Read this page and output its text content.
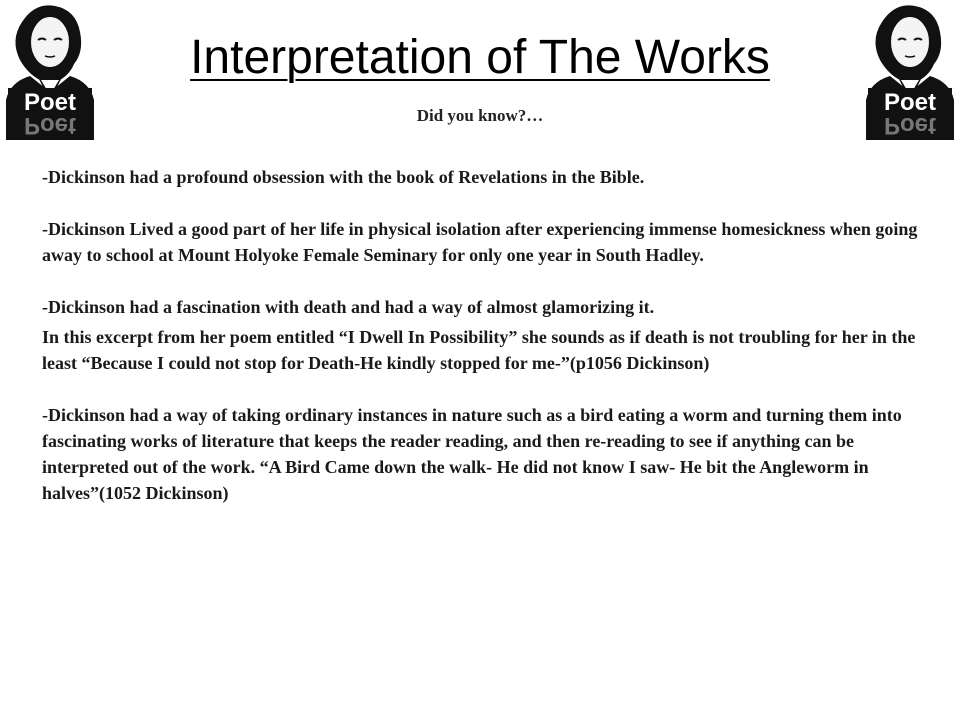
Poet
Poet
Poet
Poet
Interpretation of The Works
Did you know?…

-Dickinson had a profound obsession with the book of Revelations in the Bible.

-Dickinson Lived a good part of her life in physical isolation after experiencing immense homesickness when going away to school at Mount Holyoke Female Seminary for only one year in South Hadley.

-Dickinson had a fascination with death and had a way of almost glamorizing it.

In this excerpt from her poem entitled “I Dwell In Possibility” she sounds as if death is not troubling for her in the least “Because I could not stop for Death-He kindly stopped for me-”(p1056 Dickinson)

-Dickinson had a way of taking ordinary instances in nature such as a bird eating a worm and turning them into fascinating works of literature that keeps the reader reading, and then re-reading to see if anything can be interpreted out of the work. “A Bird Came down the walk- He did not know I saw- He bit the Angleworm in halves”(1052 Dickinson)
